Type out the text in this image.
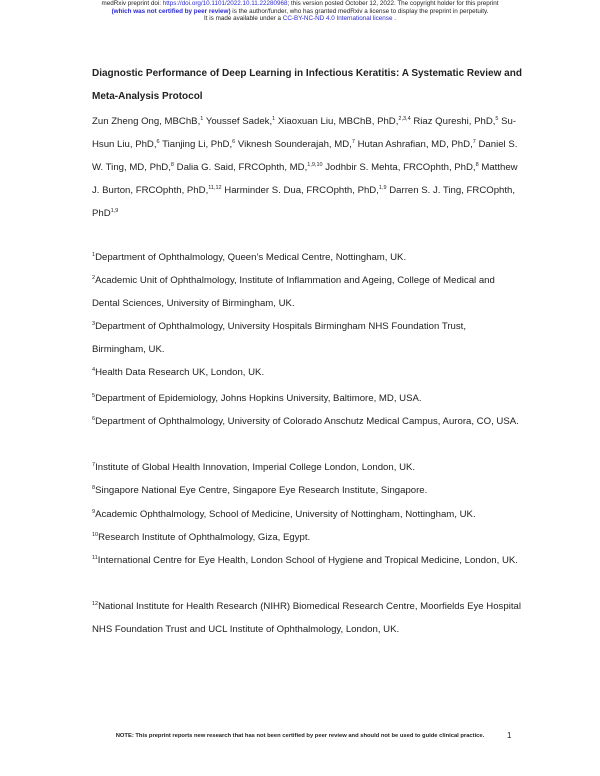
medRxiv preprint doi: https://doi.org/10.1101/2022.10.11.22280968; this version posted October 12, 2022. The copyright holder for this preprint
(which was not certified by peer review) is the author/funder, who has granted medRxiv a license to display the preprint in perpetuity.
It is made available under a CC-BY-NC-ND 4.0 International license .

Diagnostic Performance of Deep Learning in Infectious Keratitis: A Systematic Review and Meta-Analysis Protocol

Zun Zheng Ong, MBChB,$^1$ Youssef Sadek,$^1$ Xiaoxuan Liu, MBChB, PhD,$^{2,3,4}$ Riaz Qureshi, PhD,$^5$ Su-Hsun Liu, PhD,$^6$ Tianjing Li, PhD,$^6$ Viknesh Sounderajah, MD,$^7$ Hutan Ashrafian, MD, PhD,$^7$ Daniel S. W. Ting, MD, PhD,$^8$ Dalia G. Said, FRCOphth, MD,$^{1,9,10}$ Jodhbir S. Mehta, FRCOphth, PhD,$^8$ Matthew J. Burton, FRCOphth, PhD,$^{11,12}$ Harminder S. Dua, FRCOphth, PhD,$^{1,9}$ Darren S. J. Ting, FRCOphth, PhD$^{1,9}$

$^1$Department of Ophthalmology, Queen’s Medical Centre, Nottingham, UK.

$^2$Academic Unit of Ophthalmology, Institute of Inflammation and Ageing, College of Medical and Dental Sciences, University of Birmingham, UK.

$^3$Department of Ophthalmology, University Hospitals Birmingham NHS Foundation Trust, Birmingham, UK.

$^4$Health Data Research UK, London, UK.

$^5$Department of Epidemiology, Johns Hopkins University, Baltimore, MD, USA.

$^6$Department of Ophthalmology, University of Colorado Anschutz Medical Campus, Aurora, CO, USA.

$^7$Institute of Global Health Innovation, Imperial College London, London, UK.

$^8$Singapore National Eye Centre, Singapore Eye Research Institute, Singapore.

$^9$Academic Ophthalmology, School of Medicine, University of Nottingham, Nottingham, UK.

$^{10}$Research Institute of Ophthalmology, Giza, Egypt.

$^{11}$International Centre for Eye Health, London School of Hygiene and Tropical Medicine, London, UK.

$^{12}$National Institute for Health Research (NIHR) Biomedical Research Centre, Moorfields Eye Hospital NHS Foundation Trust and UCL Institute of Ophthalmology, London, UK.

NOTE: This preprint reports new research that has not been certified by peer review and should not be used to guide clinical practice.	1
